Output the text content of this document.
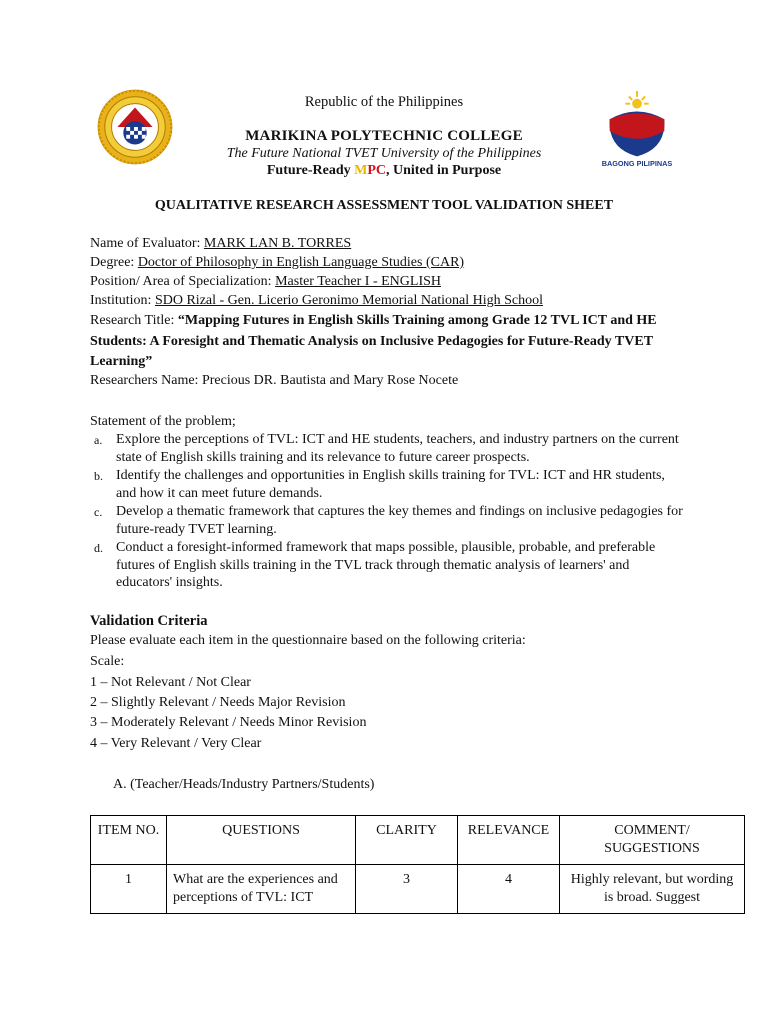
BAGONG PILIPINAS
Republic of the Philippines
MARIKINA POLYTECHNIC COLLEGE
The Future National TVET University of the Philippines
Future-Ready MPC, United in Purpose
QUALITATIVE RESEARCH ASSESSMENT TOOL VALIDATION SHEET
Name of Evaluator: MARK LAN B. TORRES
Degree: Doctor of Philosophy in English Language Studies (CAR)
Position/ Area of Specialization: Master Teacher I - ENGLISH
Institution: SDO Rizal - Gen. Licerio Geronimo Memorial National High School
Research Title: “Mapping Futures in English Skills Training among Grade 12 TVL ICT and HE Students: A Foresight and Thematic Analysis on Inclusive Pedagogies for Future-Ready TVET Learning”
Researchers Name: Precious DR. Bautista and Mary Rose Nocete
Statement of the problem;
a. Explore the perceptions of TVL: ICT and HE students, teachers, and industry partners on the current state of English skills training and its relevance to future career prospects.
b. Identify the challenges and opportunities in English skills training for TVL: ICT and HR students, and how it can meet future demands.
c. Develop a thematic framework that captures the key themes and findings on inclusive pedagogies for future-ready TVET learning.
d. Conduct a foresight-informed framework that maps possible, plausible, probable, and preferable futures of English skills training in the TVL track through thematic analysis of learners' and educators' insights.
Validation Criteria
Please evaluate each item in the questionnaire based on the following criteria:
Scale:
1 – Not Relevant / Not Clear
2 – Slightly Relevant / Needs Major Revision
3 – Moderately Relevant / Needs Minor Revision
4 – Very Relevant / Very Clear
A. (Teacher/Heads/Industry Partners/Students)
ITEM NO.	QUESTIONS	CLARITY	RELEVANCE	COMMENT/ SUGGESTIONS
1	What are the experiences and perceptions of TVL: ICT	3	4	Highly relevant, but wording is broad. Suggest
